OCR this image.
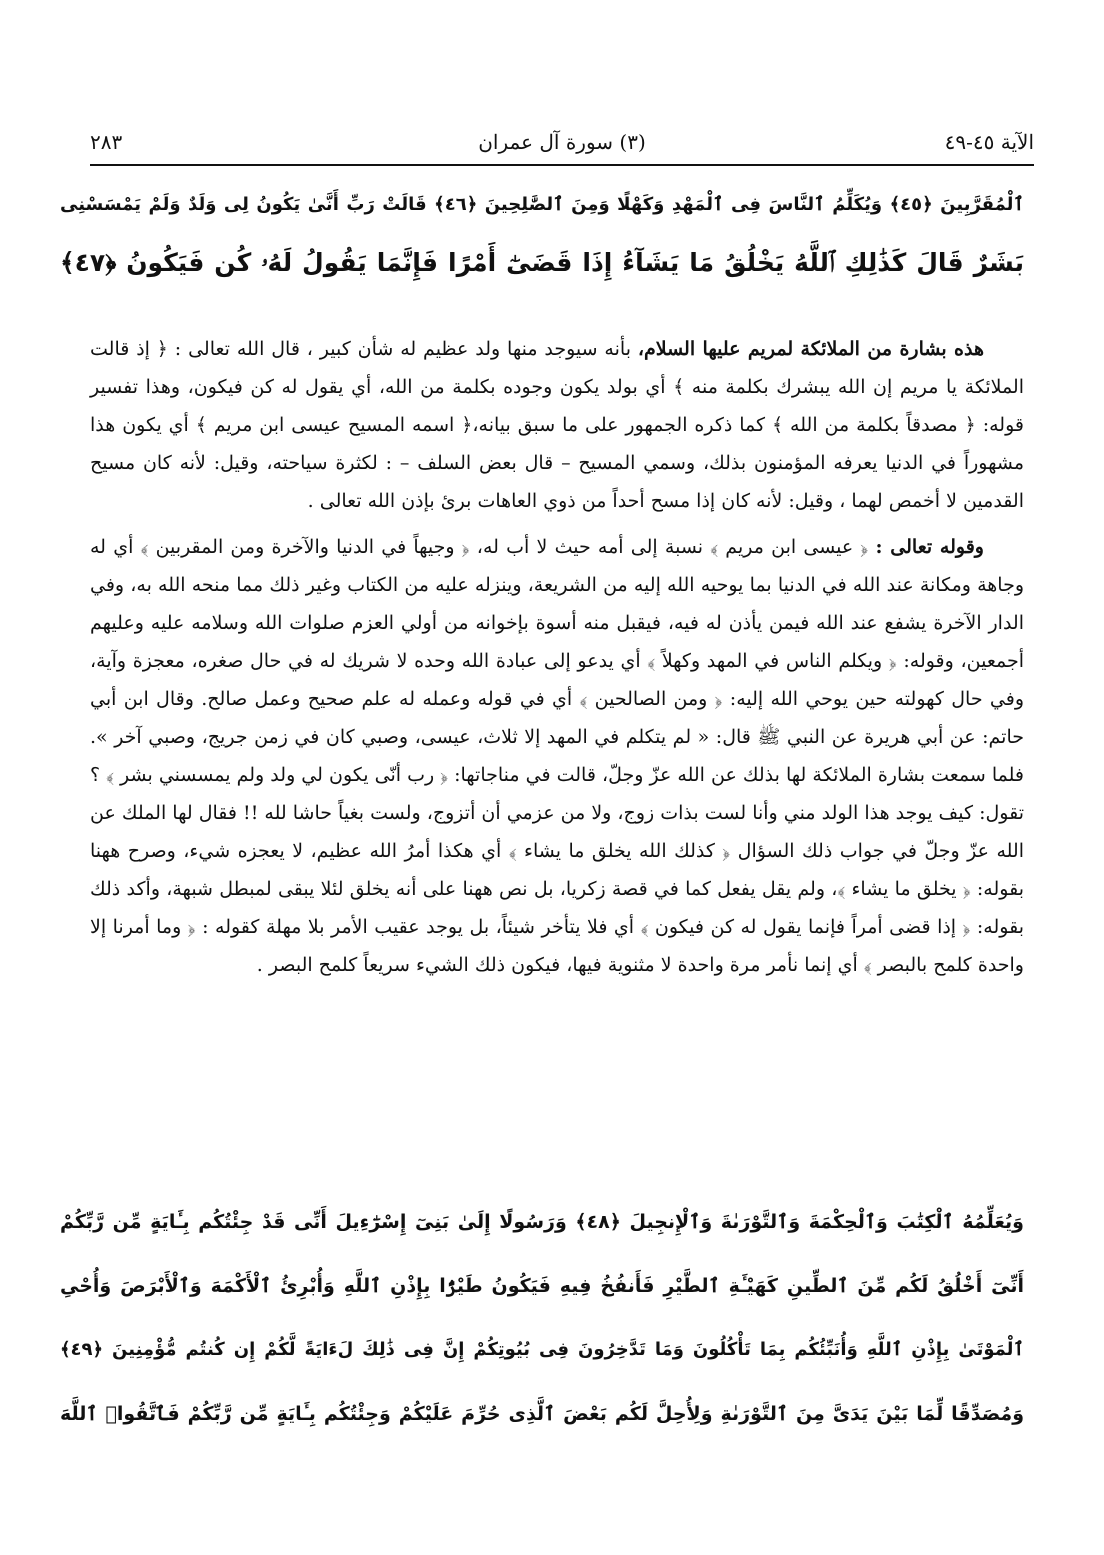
الآية ٤٥-٤٩
(٣) سورة آل عمران
٢٨٣
ٱلْمُقَرَّبِينَ ﴿٤٥﴾ وَيُكَلِّمُ ٱلنَّاسَ فِى ٱلْمَهْدِ وَكَهْلًا وَمِنَ ٱلصَّٰلِحِينَ ﴿٤٦﴾ قَالَتْ رَبِّ أَنَّىٰ يَكُونُ لِى وَلَدٌ وَلَمْ يَمْسَسْنِى
بَشَرٌ قَالَ كَذَٰلِكِ ٱللَّهُ يَخْلُقُ مَا يَشَآءُ إِذَا قَضَىٰٓ أَمْرًا فَإِنَّمَا يَقُولُ لَهُۥ كُن فَيَكُونُ ﴿٤٧﴾

هذه بشارة من الملائكة لمريم عليها السلام، بأنه سيوجد منها ولد عظيم له شأن كبير ، قال الله تعالى : ﴿ إذ قالت الملائكة يا مريم إن الله يبشرك بكلمة منه ﴾ أي بولد يكون وجوده بكلمة من الله، أي يقول له كن فيكون، وهذا تفسير قوله: ﴿ مصدقاً بكلمة من الله ﴾ كما ذكره الجمهور على ما سبق بيانه،﴿ اسمه المسيح عيسى ابن مريم ﴾ أي يكون هذا مشهوراً في الدنيا يعرفه المؤمنون بذلك، وسمي المسيح – قال بعض السلف – : لكثرة سياحته، وقيل: لأنه كان مسيح القدمين لا أخمص لهما ، وقيل: لأنه كان إذا مسح أحداً من ذوي العاهات برئ بإذن الله تعالى .

وقوله تعالى : ﴿ عيسى ابن مريم ﴾ نسبة إلى أمه حيث لا أب له، ﴿ وجيهاً في الدنيا والآخرة ومن المقربين ﴾ أي له وجاهة ومكانة عند الله في الدنيا بما يوحيه الله إليه من الشريعة، وينزله عليه من الكتاب وغير ذلك مما منحه الله به، وفي الدار الآخرة يشفع عند الله فيمن يأذن له فيه، فيقبل منه أسوة بإخوانه من أولي العزم صلوات الله وسلامه عليه وعليهم أجمعين، وقوله: ﴿ ويكلم الناس في المهد وكهلاً ﴾ أي يدعو إلى عبادة الله وحده لا شريك له في حال صغره، معجزة وآية، وفي حال كهولته حين يوحي الله إليه: ﴿ ومن الصالحين ﴾ أي في قوله وعمله له علم صحيح وعمل صالح. وقال ابن أبي حاتم: عن أبي هريرة عن النبي ﷺ قال: « لم يتكلم في المهد إلا ثلاث، عيسى، وصبي كان في زمن جريج، وصبي آخر ». فلما سمعت بشارة الملائكة لها بذلك عن الله عزّ وجلّ، قالت في مناجاتها: ﴿ رب أنّى يكون لي ولد ولم يمسسني بشر ﴾ ؟ تقول: كيف يوجد هذا الولد مني وأنا لست بذات زوج، ولا من عزمي أن أتزوج، ولست بغياً حاشا لله !! فقال لها الملك عن الله عزّ وجلّ في جواب ذلك السؤال ﴿ كذلك الله يخلق ما يشاء ﴾ أي هكذا أمرُ الله عظيم، لا يعجزه شيء، وصرح ههنا بقوله: ﴿ يخلق ما يشاء ﴾، ولم يقل يفعل كما في قصة زكريا، بل نص ههنا على أنه يخلق لئلا يبقى لمبطل شبهة، وأكد ذلك بقوله: ﴿ إذا قضى أمراً فإنما يقول له كن فيكون ﴾ أي فلا يتأخر شيئاً، بل يوجد عقيب الأمر بلا مهلة كقوله : ﴿ وما أمرنا إلا واحدة كلمح بالبصر ﴾ أي إنما نأمر مرة واحدة لا مثنوية فيها، فيكون ذلك الشيء سريعاً كلمح البصر .

وَيُعَلِّمُهُ ٱلْكِتَٰبَ وَٱلْحِكْمَةَ وَٱلتَّوْرَىٰةَ وَٱلْإِنجِيلَ ﴿٤٨﴾ وَرَسُولًا إِلَىٰ بَنِىٓ إِسْرَٰٓءِيلَ أَنِّى قَدْ جِئْتُكُم بِـَٔايَةٍ مِّن رَّبِّكُمْ
أَنِّىٓ أَخْلُقُ لَكُم مِّنَ ٱلطِّينِ كَهَيْـَٔةِ ٱلطَّيْرِ فَأَنفُخُ فِيهِ فَيَكُونُ طَيْرًۢا بِإِذْنِ ٱللَّهِ وَأُبْرِئُ ٱلْأَكْمَهَ وَٱلْأَبْرَصَ وَأُحْىِ
ٱلْمَوْتَىٰ بِإِذْنِ ٱللَّهِ وَأُنَبِّئُكُم بِمَا تَأْكُلُونَ وَمَا تَدَّخِرُونَ فِى بُيُوتِكُمْ إِنَّ فِى ذَٰلِكَ لَءَايَةً لَّكُمْ إِن كُنتُم مُّؤْمِنِينَ ﴿٤٩﴾
وَمُصَدِّقًا لِّمَا بَيْنَ يَدَىَّ مِنَ ٱلتَّوْرَىٰةِ وَلِأُحِلَّ لَكُم بَعْضَ ٱلَّذِى حُرِّمَ عَلَيْكُمْ وَجِئْتُكُم بِـَٔايَةٍ مِّن رَّبِّكُمْ فَٱتَّقُوا۟ ٱللَّهَ
